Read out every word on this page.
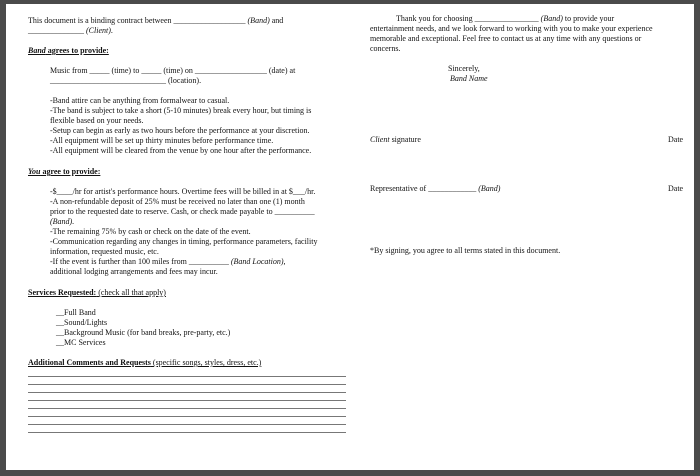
This document is a binding contract between __________________ (Band) and
______________ (Client).
Band agrees to provide:
Music from _____ (time) to _____ (time) on __________________ (date) at
_____________________________ (location).
-Band attire can be anything from formalwear to casual.
-The band is subject to take a short (5-10 minutes) break every hour, but timing is
flexible based on your needs.
-Setup can begin as early as two hours before the performance at your discretion.
-All equipment will be set up thirty minutes before performance time.
-All equipment will be cleared from the venue by one hour after the performance.
You agree to provide:
-$____/hr for artist's performance hours. Overtime fees will be billed in at $___/hr.
-A non-refundable deposit of 25% must be received no later than one (1) month
prior to the requested date to reserve. Cash, or check made payable to __________
(Band).
-The remaining 75% by cash or check on the date of the event.
-Communication regarding any changes in timing, performance parameters, facility
information, requested music, etc.
-If the event is further than 100 miles from __________ (Band Location),
additional lodging arrangements and fees may incur.
Services Requested: (check all that apply)
__Full Band
__Sound/Lights
__Background Music (for band breaks, pre-party, etc.)
__MC Services
Additional Comments and Requests (specific songs, styles, dress, etc.)
Thank you for choosing ________________ (Band) to provide your
entertainment needs, and we look forward to working with you to make your experience
memorable and exceptional. Feel free to contact us at any time with any questions or
concerns.
Sincerely,
Band Name
Client signature	Date
Representative of ____________ (Band)	Date
*By signing, you agree to all terms stated in this document.
